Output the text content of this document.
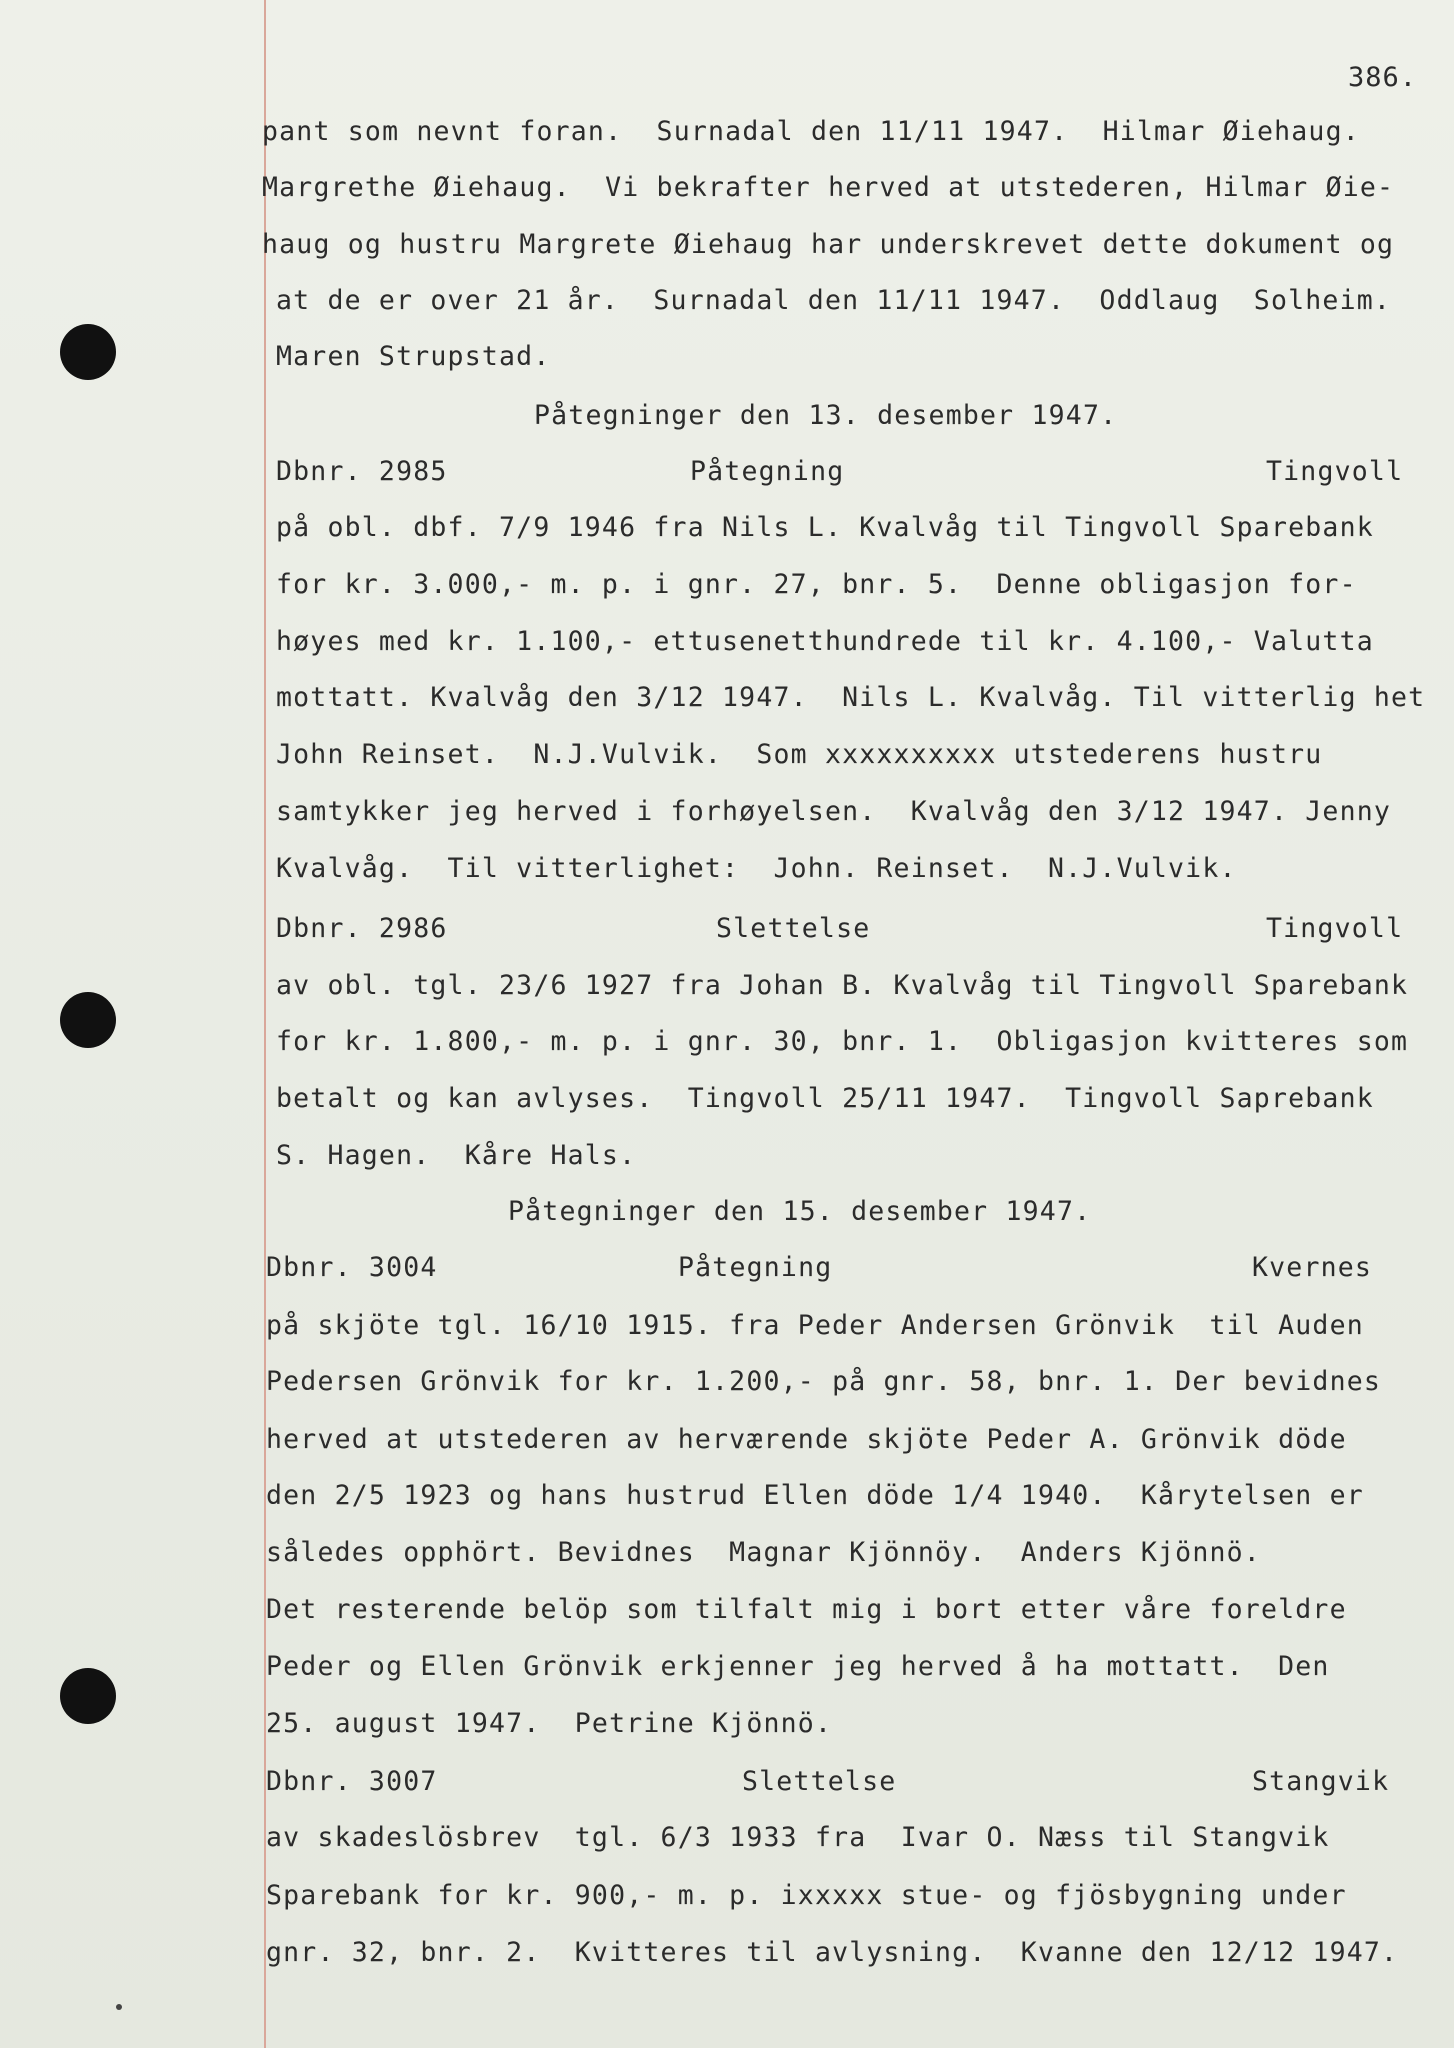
386.
pant som nevnt foran.  Surnadal den 11/11 1947.  Hilmar Øiehaug.
Margrethe Øiehaug.  Vi bekrafter herved at utstederen, Hilmar Øie-
haug og hustru Margrete Øiehaug har underskrevet dette dokument og
at de er over 21 år.  Surnadal den 11/11 1947.  Oddlaug  Solheim.
Maren Strupstad.
Påtegninger den 13. desember 1947.
Dbnr. 2985	Påtegning	Tingvoll
på obl. dbf. 7/9 1946 fra Nils L. Kvalvåg til Tingvoll Sparebank
for kr. 3.000,- m. p. i gnr. 27, bnr. 5.  Denne obligasjon for-
høyes med kr. 1.100,- ettusenetthundrede til kr. 4.100,- Valutta
mottatt. Kvalvåg den 3/12 1947.  Nils L. Kvalvåg. Til vitterlig het
John Reinset.  N.J.Vulvik.  Som xxxxxxxxxx utstederens hustru
samtykker jeg herved i forhøyelsen.  Kvalvåg den 3/12 1947. Jenny
Kvalvåg.  Til vitterlighet:  John. Reinset.  N.J.Vulvik.
Dbnr. 2986	Slettelse	Tingvoll
av obl. tgl. 23/6 1927 fra Johan B. Kvalvåg til Tingvoll Sparebank
for kr. 1.800,- m. p. i gnr. 30, bnr. 1.  Obligasjon kvitteres som
betalt og kan avlyses.  Tingvoll 25/11 1947.  Tingvoll Saprebank
S. Hagen.  Kåre Hals.
Påtegninger den 15. desember 1947.
Dbnr. 3004	Påtegning	Kvernes
på skjöte tgl. 16/10 1915. fra Peder Andersen Grönvik  til Auden
Pedersen Grönvik for kr. 1.200,- på gnr. 58, bnr. 1. Der bevidnes
herved at utstederen av herværende skjöte Peder A. Grönvik döde
den 2/5 1923 og hans hustrud Ellen döde 1/4 1940.  Kårytelsen er
således opphört. Bevidnes  Magnar Kjönnöy.  Anders Kjönnö.
Det resterende belöp som tilfalt mig i bort etter våre foreldre
Peder og Ellen Grönvik erkjenner jeg herved å ha mottatt.  Den
25. august 1947.  Petrine Kjönnö.
Dbnr. 3007	Slettelse	Stangvik
av skadeslösbrev  tgl. 6/3 1933 fra  Ivar O. Næss til Stangvik
Sparebank for kr. 900,- m. p. ixxxxx stue- og fjösbygning under
gnr. 32, bnr. 2.  Kvitteres til avlysning.  Kvanne den 12/12 1947.
